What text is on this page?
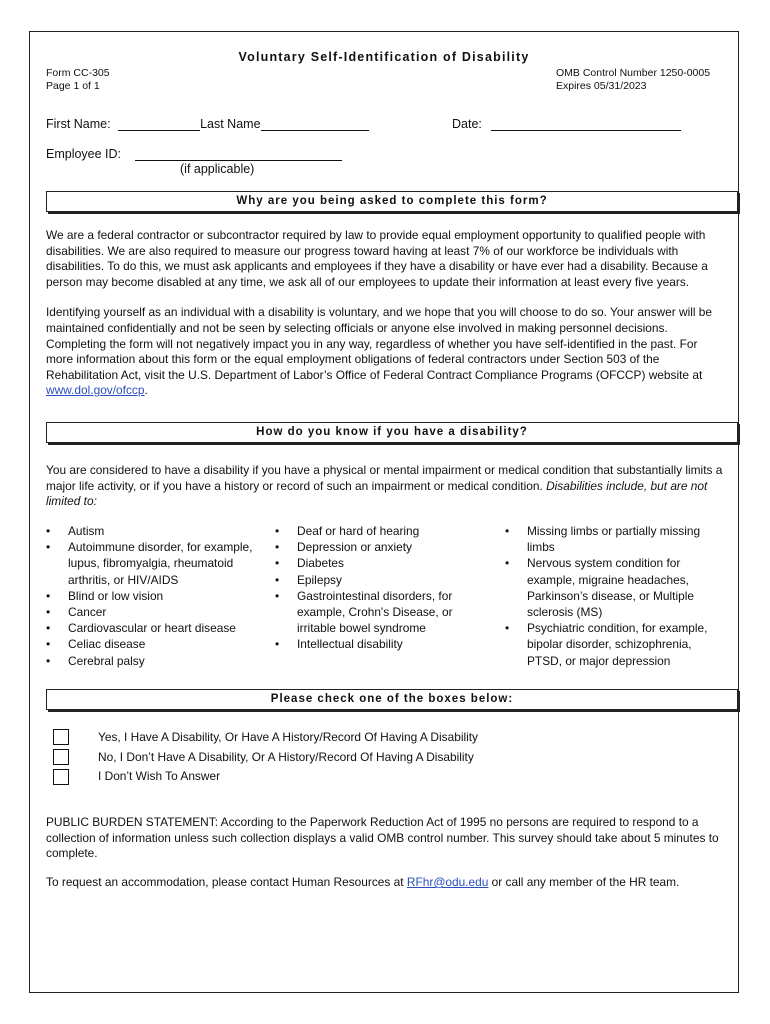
Voluntary Self-Identification of Disability
Form CC-305
Page 1 of 1
OMB Control Number 1250-0005
Expires 05/31/2023
First Name:	Last Name	Date:
Employee ID:
(if applicable)
Why are you being asked to complete this form?

We are a federal contractor or subcontractor required by law to provide equal employment opportunity to qualified people with disabilities. We are also required to measure our progress toward having at least 7% of our workforce be individuals with disabilities. To do this, we must ask applicants and employees if they have a disability or have ever had a disability. Because a person may become disabled at any time, we ask all of our employees to update their information at least every five years.

Identifying yourself as an individual with a disability is voluntary, and we hope that you will choose to do so. Your answer will be maintained confidentially and not be seen by selecting officials or anyone else involved in making personnel decisions. Completing the form will not negatively impact you in any way, regardless of whether you have self-identified in the past. For more information about this form or the equal employment obligations of federal contractors under Section 503 of the Rehabilitation Act, visit the U.S. Department of Labor’s Office of Federal Contract Compliance Programs (OFCCP) website at www.dol.gov/ofccp.

How do you know if you have a disability?

You are considered to have a disability if you have a physical or mental impairment or medical condition that substantially limits a major life activity, or if you have a history or record of such an impairment or medical condition. Disabilities include, but are not limited to:

• Autism
• Autoimmune disorder, for example, lupus, fibromyalgia, rheumatoid arthritis, or HIV/AIDS
• Blind or low vision
• Cancer
• Cardiovascular or heart disease
• Celiac disease
• Cerebral palsy
• Deaf or hard of hearing
• Depression or anxiety
• Diabetes
• Epilepsy
• Gastrointestinal disorders, for example, Crohn's Disease, or irritable bowel syndrome
• Intellectual disability
• Missing limbs or partially missing limbs
• Nervous system condition for example, migraine headaches, Parkinson’s disease, or Multiple sclerosis (MS)
• Psychiatric condition, for example, bipolar disorder, schizophrenia, PTSD, or major depression
Please check one of the boxes below:
Yes, I Have A Disability, Or Have A History/Record Of Having A Disability
No, I Don’t Have A Disability, Or A History/Record Of Having A Disability
I Don’t Wish To Answer
PUBLIC BURDEN STATEMENT: According to the Paperwork Reduction Act of 1995 no persons are required to respond to a collection of information unless such collection displays a valid OMB control number. This survey should take about 5 minutes to complete.
To request an accommodation, please contact Human Resources at RFhr@odu.edu or call any member of the HR team.
